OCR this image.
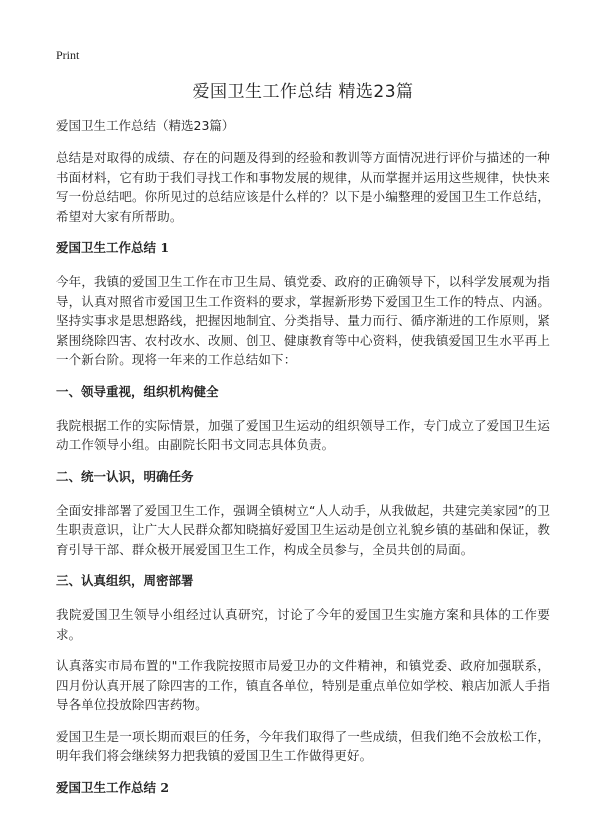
Print
爱国卫生工作总结 精选23篇
爱国卫生工作总结（精选23篇）

总结是对取得的成绩、存在的问题及得到的经验和教训等方面情况进行评价与描述的一种书面材料，它有助于我们寻找工作和事物发展的规律，从而掌握并运用这些规律，快快来写一份总结吧。你所见过的总结应该是什么样的？以下是小编整理的爱国卫生工作总结，希望对大家有所帮助。

爱国卫生工作总结 1

今年，我镇的爱国卫生工作在市卫生局、镇党委、政府的正确领导下，以科学发展观为指导，认真对照省市爱国卫生工作资料的要求，掌握新形势下爱国卫生工作的特点、内涵。坚持实事求是思想路线，把握因地制宜、分类指导、量力而行、循序渐进的工作原则，紧紧围绕除四害、农村改水、改厕、创卫、健康教育等中心资料，使我镇爱国卫生水平再上一个新台阶。现将一年来的工作总结如下：

一、领导重视，组织机构健全

我院根据工作的实际情景，加强了爱国卫生运动的组织领导工作，专门成立了爱国卫生运动工作领导小组。由副院长阳书文同志具体负责。

二、统一认识，明确任务

全面安排部署了爱国卫生工作，强调全镇树立“人人动手，从我做起，共建完美家园”的卫生职责意识，让广大人民群众都知晓搞好爱国卫生运动是创立礼貌乡镇的基础和保证，教育引导干部、群众极开展爱国卫生工作，构成全员参与，全员共创的局面。

三、认真组织，周密部署

我院爱国卫生领导小组经过认真研究，讨论了今年的爱国卫生实施方案和具体的工作要求。

认真落实市局布置的"工作我院按照市局爱卫办的文件精神，和镇党委、政府加强联系，四月份认真开展了除四害的工作，镇直各单位，特别是重点单位如学校、粮店加派人手指导各单位投放除四害药物。

爱国卫生是一项长期而艰巨的任务，今年我们取得了一些成绩，但我们绝不会放松工作，明年我们将会继续努力把我镇的爱国卫生工作做得更好。

爱国卫生工作总结 2
